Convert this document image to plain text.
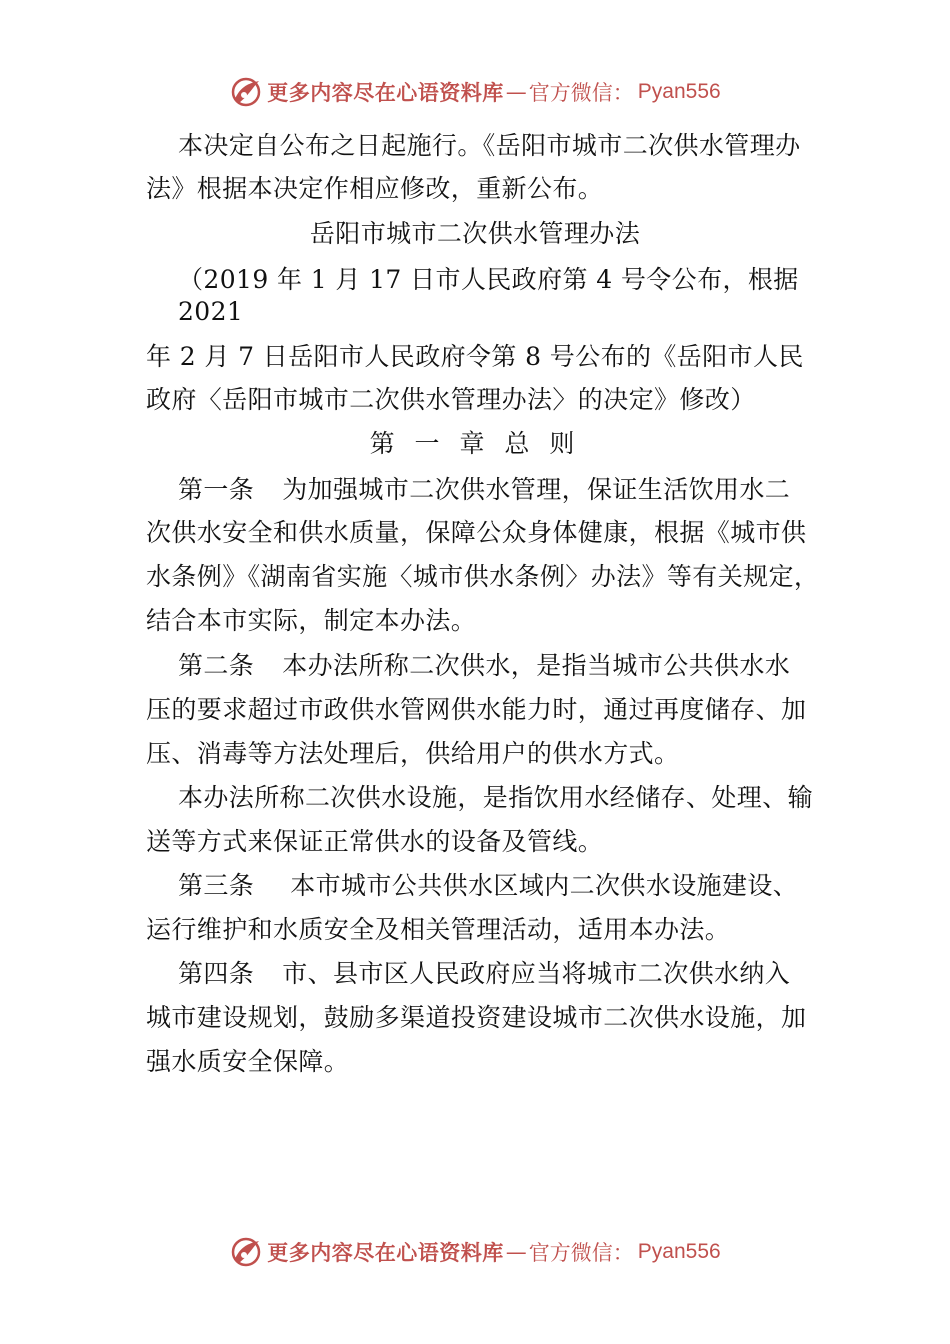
更多内容尽在心语资料库 — 官方微信： Pyan556
本决定自公布之日起施行。《岳阳市城市二次供水管理办
法》根据本决定作相应修改，重新公布。
岳阳市城市二次供水管理办法
（2019 年 1 月 17 日市人民政府第 4 号令公布，根据
2021
年 2 月 7 日岳阳市人民政府令第 8 号公布的《岳阳市人民
政府〈岳阳市城市二次供水管理办法〉的决定》修改）
第 一 章 总 则
第一条 为加强城市二次供水管理，保证生活饮用水二
次供水安全和供水质量，保障公众身体健康，根据《城市供
水条例》《湖南省实施〈城市供水条例〉办法》等有关规定，
结合本市实际，制定本办法。
第二条 本办法所称二次供水，是指当城市公共供水水
压的要求超过市政供水管网供水能力时，通过再度储存、加
压、消毒等方法处理后，供给用户的供水方式。
本办法所称二次供水设施，是指饮用水经储存、处理、输
送等方式来保证正常供水的设备及管线。
第三条 本市城市公共供水区域内二次供水设施建设、
运行维护和水质安全及相关管理活动，适用本办法。
第四条 市、县市区人民政府应当将城市二次供水纳入
城市建设规划，鼓励多渠道投资建设城市二次供水设施，加
强水质安全保障。
更多内容尽在心语资料库 — 官方微信： Pyan556
